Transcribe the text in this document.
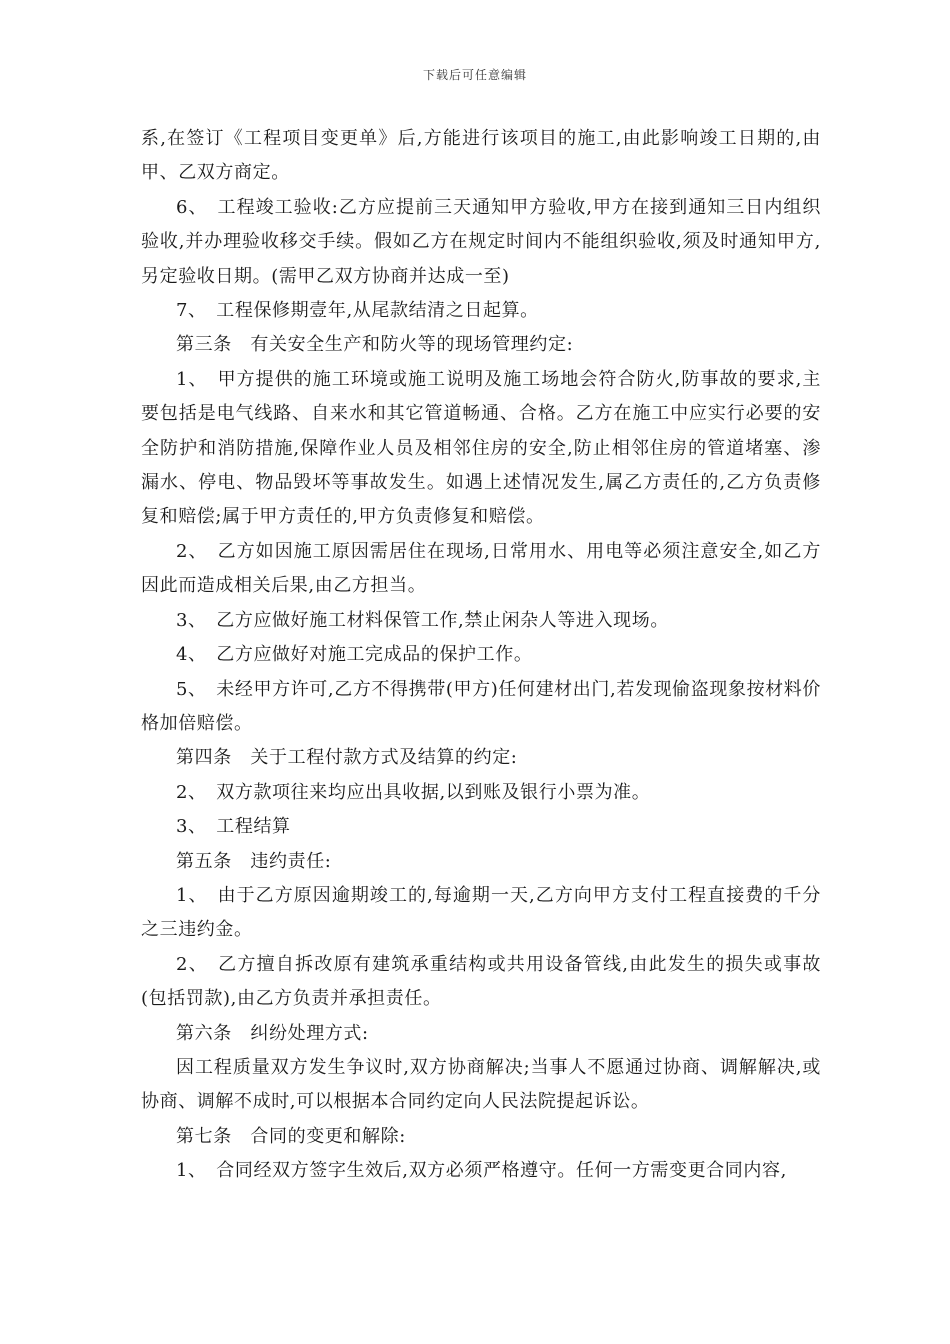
下载后可任意编辑

系,在签订《工程项目变更单》后,方能进行该项目的施工,由此影响竣工日期的,由甲、乙双方商定。

6、　工程竣工验收:乙方应提前三天通知甲方验收,甲方在接到通知三日内组织验收,并办理验收移交手续。假如乙方在规定时间内不能组织验收,须及时通知甲方,另定验收日期。(需甲乙双方协商并达成一至)

7、　工程保修期壹年,从尾款结清之日起算。

第三条　有关安全生产和防火等的现场管理约定:

1、　甲方提供的施工环境或施工说明及施工场地会符合防火,防事故的要求,主要包括是电气线路、自来水和其它管道畅通、合格。乙方在施工中应实行必要的安全防护和消防措施,保障作业人员及相邻住房的安全,防止相邻住房的管道堵塞、渗漏水、停电、物品毁坏等事故发生。如遇上述情况发生,属乙方责任的,乙方负责修复和赔偿;属于甲方责任的,甲方负责修复和赔偿。

2、　乙方如因施工原因需居住在现场,日常用水、用电等必须注意安全,如乙方因此而造成相关后果,由乙方担当。

3、　乙方应做好施工材料保管工作,禁止闲杂人等进入现场。

4、　乙方应做好对施工完成品的保护工作。

5、　未经甲方许可,乙方不得携带(甲方)任何建材出门,若发现偷盗现象按材料价格加倍赔偿。

第四条　关于工程付款方式及结算的约定:

2、　双方款项往来均应出具收据,以到账及银行小票为准。

3、　工程结算

第五条　违约责任:

1、　由于乙方原因逾期竣工的,每逾期一天,乙方向甲方支付工程直接费的千分之三违约金。

2、　乙方擅自拆改原有建筑承重结构或共用设备管线,由此发生的损失或事故(包括罚款),由乙方负责并承担责任。

第六条　纠纷处理方式:

因工程质量双方发生争议时,双方协商解决;当事人不愿通过协商、调解解决,或协商、调解不成时,可以根据本合同约定向人民法院提起诉讼。

第七条　合同的变更和解除:

1、　合同经双方签字生效后,双方必须严格遵守。任何一方需变更合同内容,
